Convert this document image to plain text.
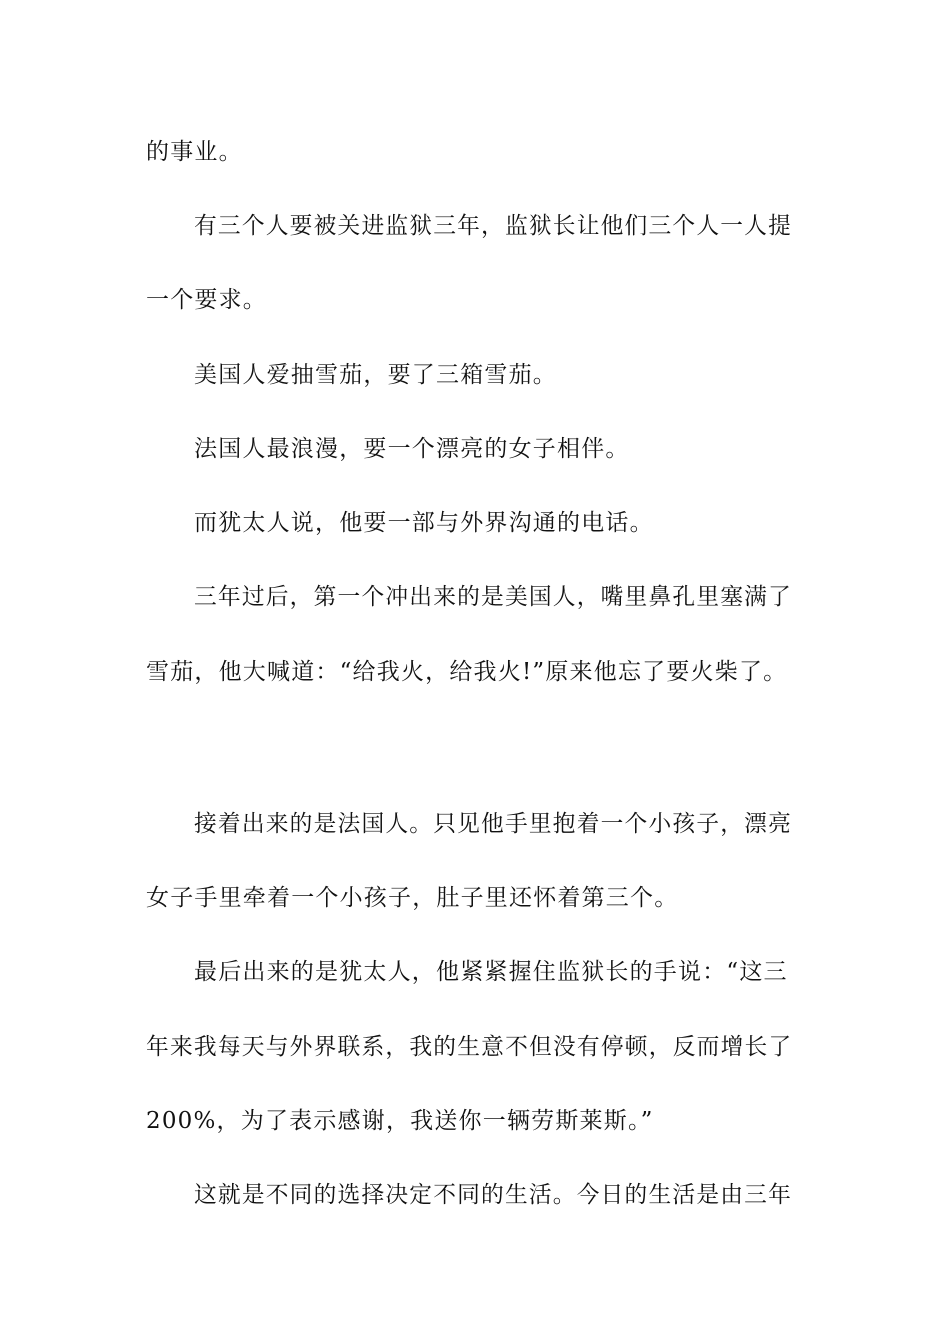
的事业。
有三个人要被关进监狱三年，监狱长让他们三个人一人提
一个要求。
美国人爱抽雪茄，要了三箱雪茄。
法国人最浪漫，要一个漂亮的女子相伴。
而犹太人说，他要一部与外界沟通的电话。
三年过后，第一个冲出来的是美国人，嘴里鼻孔里塞满了
雪茄，他大喊道：“给我火，给我火!”原来他忘了要火柴了。
接着出来的是法国人。只见他手里抱着一个小孩子，漂亮
女子手里牵着一个小孩子，肚子里还怀着第三个。
最后出来的是犹太人，他紧紧握住监狱长的手说：“这三
年来我每天与外界联系，我的生意不但没有停顿，反而增长了
200%，为了表示感谢，我送你一辆劳斯莱斯。”
这就是不同的选择决定不同的生活。今日的生活是由三年
